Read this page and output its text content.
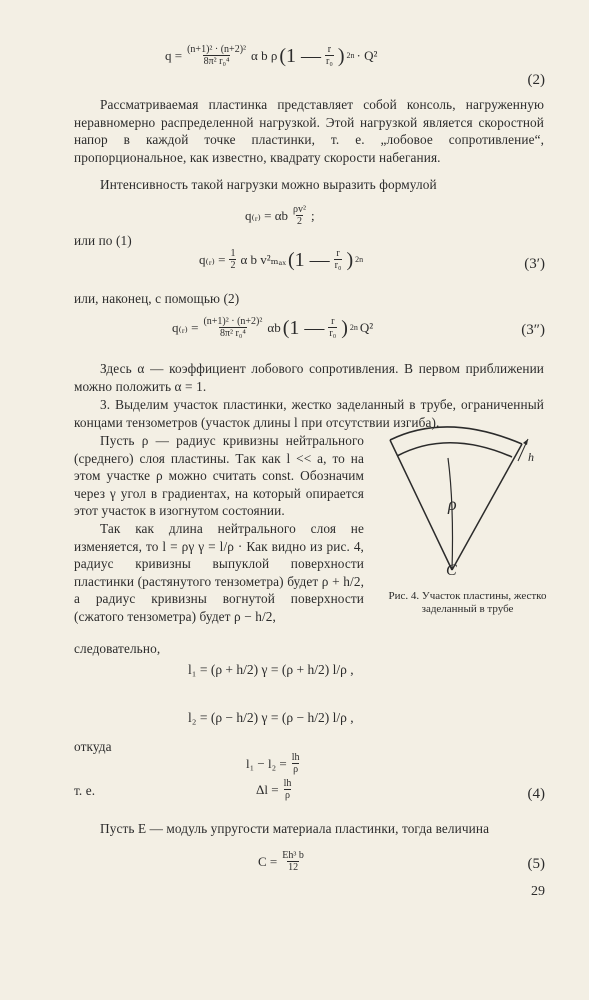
$q = \frac{\text{(n+1)² · (n+2)²}}{\text{8π² r₀⁴}}$ α b ρ (1 — $\frac{r}{\text{r₀}}$ ) 2n · Q²
(2)
Рассматриваемая пластинка представляет собой консоль, нагруженную неравномерно распределенной нагрузкой. Этой нагрузкой является скоростной напор в каждой точке пластинки, т. е. „лобовое сопротивление“, пропорциональное, как известно, квадрату скорости набегания.
Интенсивность такой нагрузки можно выразить формулой
q₍ᵣ₎ = αb $\frac{\text{ρv²}}{2}$ ;
или по (1)
q₍ᵣ₎ = $\frac{1}{2}$ α b v²ₘₐₓ (1 — $\frac{r}{\text{r₀}}$ ) 2n	(3′)
или, наконец, с помощью (2)
q₍ᵣ₎ = $\frac{\text{(n+1)² · (n+2)²}}{\text{8π² r₀⁴}}$ αb (1 — $\frac{r}{\text{r₀}}$ ) 2n Q²	(3″)
Здесь α — коэффициент лобового сопротивления. В первом приближении можно положить α = 1.
3. Выделим участок пластинки, жестко заделанный в трубе, ограниченный концами тензометров (участок длины l при отсутствии изгиба).
Пусть ρ — радиус кривизны нейтрального (среднего) слоя пластины. Так как l << a, то на этом участке ρ можно считать const. Обозначим через γ угол в градиентах, на который опирается этот участок в изогнутом состоянии.
Так как длина нейтрального слоя не изменяется, то l = ργ γ = l/ρ · Как видно из рис. 4, радиус кривизны выпуклой поверхности пластинки (растянутого тензометра) будет ρ + h/2, а радиус кривизны вогнутой поверхности (сжатого тензометра) будет ρ − h/2,
ρ
C
h
Рис. 4. Участок пластины, жестко заделанный в трубе
следовательно,
l₁ = (ρ + h/2) γ = (ρ + h/2) l/ρ ,
l₂ = (ρ − h/2) γ = (ρ − h/2) l/ρ ,
откуда
$l_1 - l_2 = \frac{lh}{\rho}$
т. е.	$\Delta l = \frac{lh}{\rho}$	(4)
Пусть E — модуль упругости материала пластинки, тогда величина
$C = \frac{\text{Eh³ b}}{12}$	(5)
29
